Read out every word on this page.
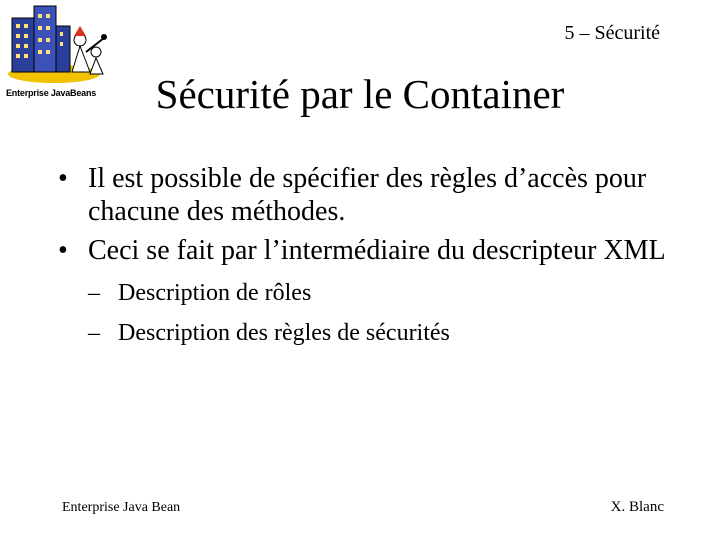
Enterprise JavaBeans
5 – Sécurité
Sécurité par le Container
• Il est possible de spécifier des règles d’accès pour chacune des méthodes.
• Ceci se fait par l’intermédiaire du descripteur XML
– Description de rôles
– Description des règles de sécurités
Enterprise Java Bean	X. Blanc
